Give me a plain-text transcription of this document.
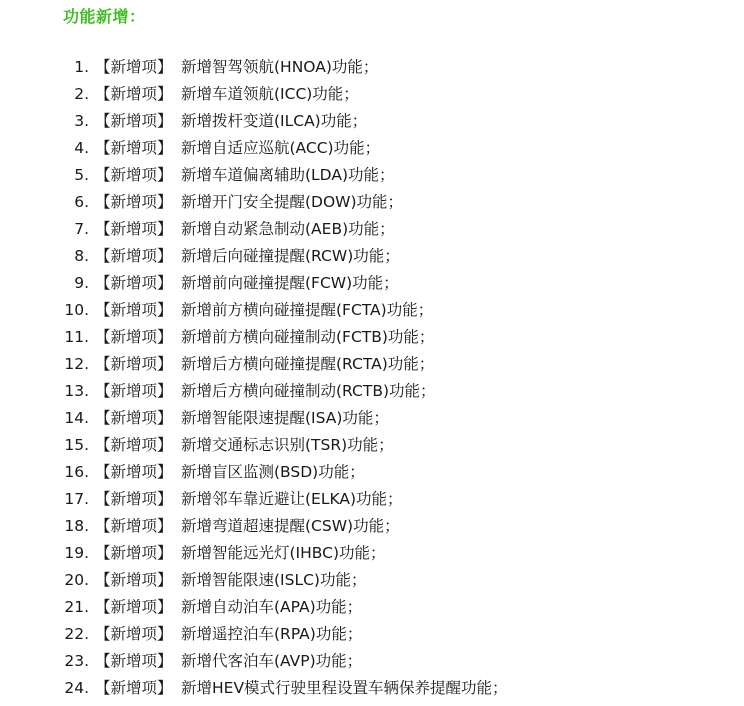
功能新增：
1. 【新增项】 新增智驾领航(HNOA)功能；
2. 【新增项】 新增车道领航(ICC)功能；
3. 【新增项】 新增拨杆变道(ILCA)功能；
4. 【新增项】 新增自适应巡航(ACC)功能；
5. 【新增项】 新增车道偏离辅助(LDA)功能；
6. 【新增项】 新增开门安全提醒(DOW)功能；
7. 【新增项】 新增自动紧急制动(AEB)功能；
8. 【新增项】 新增后向碰撞提醒(RCW)功能；
9. 【新增项】 新增前向碰撞提醒(FCW)功能；
10. 【新增项】 新增前方横向碰撞提醒(FCTA)功能；
11. 【新增项】 新增前方横向碰撞制动(FCTB)功能；
12. 【新增项】 新增后方横向碰撞提醒(RCTA)功能；
13. 【新增项】 新增后方横向碰撞制动(RCTB)功能；
14. 【新增项】 新增智能限速提醒(ISA)功能；
15. 【新增项】 新增交通标志识别(TSR)功能；
16. 【新增项】 新增盲区监测(BSD)功能；
17. 【新增项】 新增邻车靠近避让(ELKA)功能；
18. 【新增项】 新增弯道超速提醒(CSW)功能；
19. 【新增项】 新增智能远光灯(IHBC)功能；
20. 【新增项】 新增智能限速(ISLC)功能；
21. 【新增项】 新增自动泊车(APA)功能；
22. 【新增项】 新增遥控泊车(RPA)功能；
23. 【新增项】 新增代客泊车(AVP)功能；
24. 【新增项】 新增HEV模式行驶里程设置车辆保养提醒功能；
